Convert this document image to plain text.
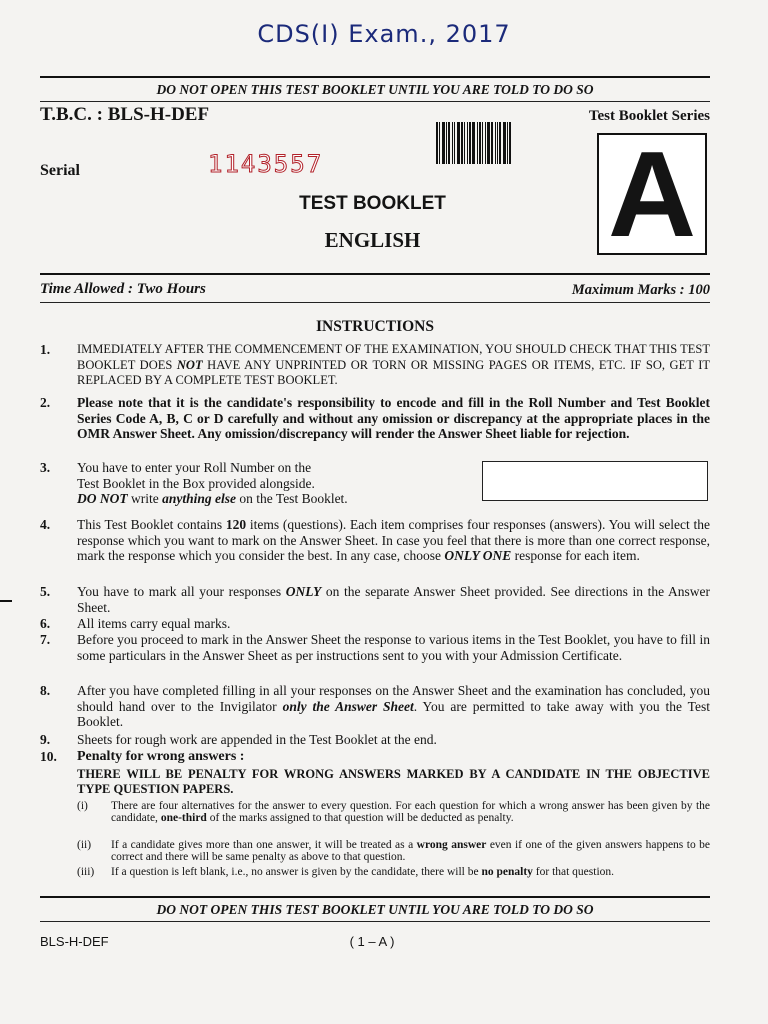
CDS(I) Exam., 2017
DO NOT OPEN THIS TEST BOOKLET UNTIL YOU ARE TOLD TO DO SO
T.B.C. : BLS-H-DEF	Test Booklet Series
Serial	1143557 A
TEST BOOKLET
ENGLISH
Time Allowed : Two Hours	Maximum Marks : 100
INSTRUCTIONS
1. IMMEDIATELY AFTER THE COMMENCEMENT OF THE EXAMINATION, YOU SHOULD CHECK THAT THIS TEST BOOKLET DOES NOT HAVE ANY UNPRINTED OR TORN OR MISSING PAGES OR ITEMS, ETC. IF SO, GET IT REPLACED BY A COMPLETE TEST BOOKLET.
2. Please note that it is the candidate's responsibility to encode and fill in the Roll Number and Test Booklet Series Code A, B, C or D carefully and without any omission or discrepancy at the appropriate places in the OMR Answer Sheet. Any omission/discrepancy will render the Answer Sheet liable for rejection.
3. You have to enter your Roll Number on the
Test Booklet in the Box provided alongside.
DO NOT write anything else on the Test Booklet.
4. This Test Booklet contains 120 items (questions). Each item comprises four responses (answers). You will select the response which you want to mark on the Answer Sheet. In case you feel that there is more than one correct response, mark the response which you consider the best. In any case, choose ONLY ONE response for each item.
5. You have to mark all your responses ONLY on the separate Answer Sheet provided. See directions in the Answer Sheet.
6. All items carry equal marks.
7. Before you proceed to mark in the Answer Sheet the response to various items in the Test Booklet, you have to fill in some particulars in the Answer Sheet as per instructions sent to you with your Admission Certificate.
8. After you have completed filling in all your responses on the Answer Sheet and the examination has concluded, you should hand over to the Invigilator only the Answer Sheet. You are permitted to take away with you the Test Booklet.
9. Sheets for rough work are appended in the Test Booklet at the end.
10. Penalty for wrong answers :
THERE WILL BE PENALTY FOR WRONG ANSWERS MARKED BY A CANDIDATE IN THE OBJECTIVE TYPE QUESTION PAPERS.
(i) There are four alternatives for the answer to every question. For each question for which a wrong answer has been given by the candidate, one-third of the marks assigned to that question will be deducted as penalty.
(ii) If a candidate gives more than one answer, it will be treated as a wrong answer even if one of the given answers happens to be correct and there will be same penalty as above to that question.
(iii) If a question is left blank, i.e., no answer is given by the candidate, there will be no penalty for that question.
DO NOT OPEN THIS TEST BOOKLET UNTIL YOU ARE TOLD TO DO SO
BLS-H-DEF	( 1 – A )
